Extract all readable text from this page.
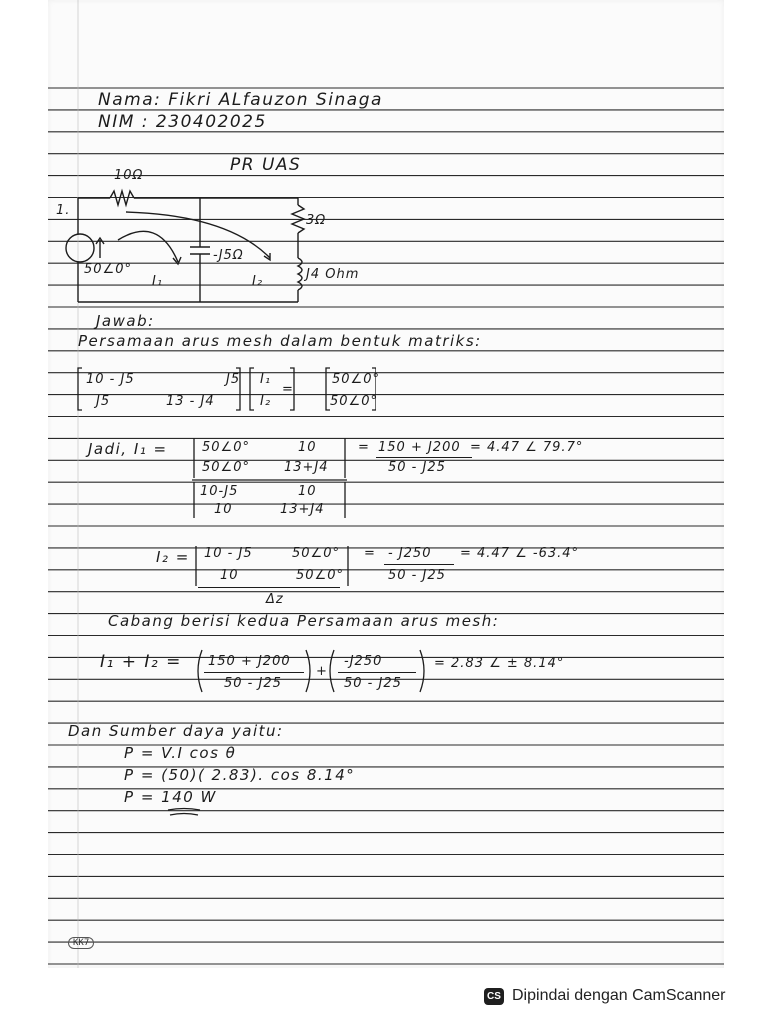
Nama: Fikri ALfauzon Sinaga
NIM : 230402025
PR UAS
10Ω
1.
3Ω
J4 Ohm
-J5Ω
50∠0°
I₁	I₂
Jawab:
Persamaan arus mesh dalam bentuk matriks:
10 - J5	J5
J5	13 - J4
I₁
I₂
=
50∠0°
50∠0°
Jadi, I₁ =	50∠0°	10
50∠0°	13+J4
10-J5	10
10	13+J4
= 150 + J200
50 - J25
= 4.47 ∠ 79.7°
I₂ = 10 - J5	50∠0°
10	50∠0°
Δz
= - J250
50 - J25
= 4.47 ∠ -63.4°
Cabang berisi kedua Persamaan arus mesh:
I₁ + I₂ = 150 + J200
50 - J25
+
-J250
50 - J25
= 2.83 ∠ ± 8.14°
Dan Sumber daya yaitu:
P = V.I cos θ
P = (50)( 2.83). cos 8.14°
P = 140 W
KK7
CS Dipindai dengan CamScanner
